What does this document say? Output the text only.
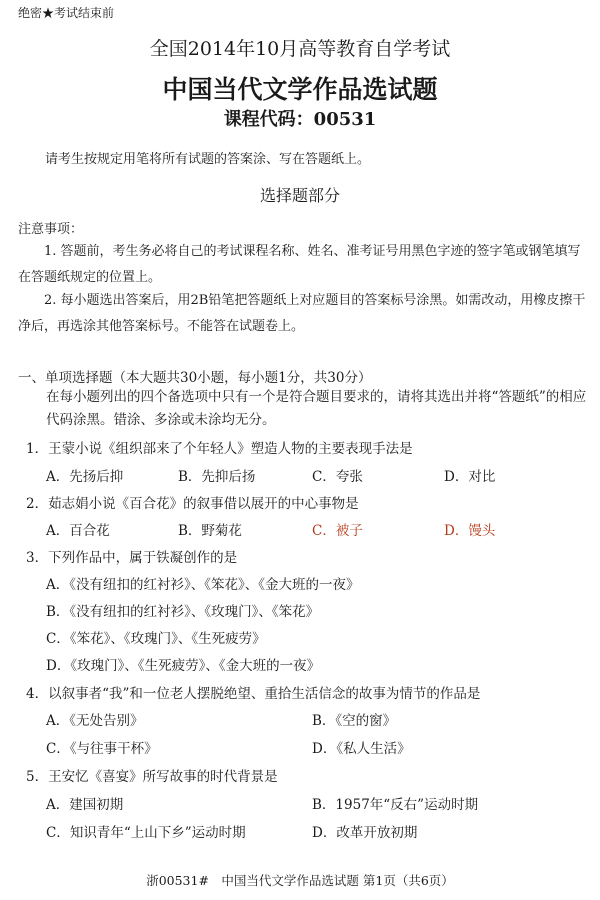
绝密★考试结束前
全国2014年10月高等教育自学考试
中国当代文学作品选试题
课程代码：00531
请考生按规定用笔将所有试题的答案涂、写在答题纸上。
选择题部分
注意事项：
1. 答题前，考生务必将自己的考试课程名称、姓名、准考证号用黑色字迹的签字笔或钢笔填写在答题纸规定的位置上。
2. 每小题选出答案后，用2B铅笔把答题纸上对应题目的答案标号涂黑。如需改动，用橡皮擦干净后，再选涂其他答案标号。不能答在试题卷上。
一、单项选择题（本大题共30小题，每小题1分，共30分）
在每小题列出的四个备选项中只有一个是符合题目要求的，请将其选出并将“答题纸”的相应代码涂黑。错涂、多涂或未涂均无分。
1．王蒙小说《组织部来了个年轻人》塑造人物的主要表现手法是
A．先扬后抑	B．先抑后扬	C．夸张	D．对比
2．茹志娟小说《百合花》的叙事借以展开的中心事物是
A．百合花	B．野菊花	C．被子	D．馒头
3．下列作品中，属于铁凝创作的是
A．《没有纽扣的红衬衫》、《笨花》、《金大班的一夜》
B．《没有纽扣的红衬衫》、《玫瑰门》、《笨花》
C．《笨花》、《玫瑰门》、《生死疲劳》
D．《玫瑰门》、《生死疲劳》、《金大班的一夜》
4．以叙事者“我”和一位老人摆脱绝望、重拾生活信念的故事为情节的作品是
A．《无处告别》	B．《空的窗》
C．《与往事干杯》	D．《私人生活》
5．王安忆《喜宴》所写故事的时代背景是
A．建国初期	B．1957年“反右”运动时期
C．知识青年“上山下乡”运动时期	D．改革开放初期
浙00531#　中国当代文学作品选试题 第1页（共6页）
